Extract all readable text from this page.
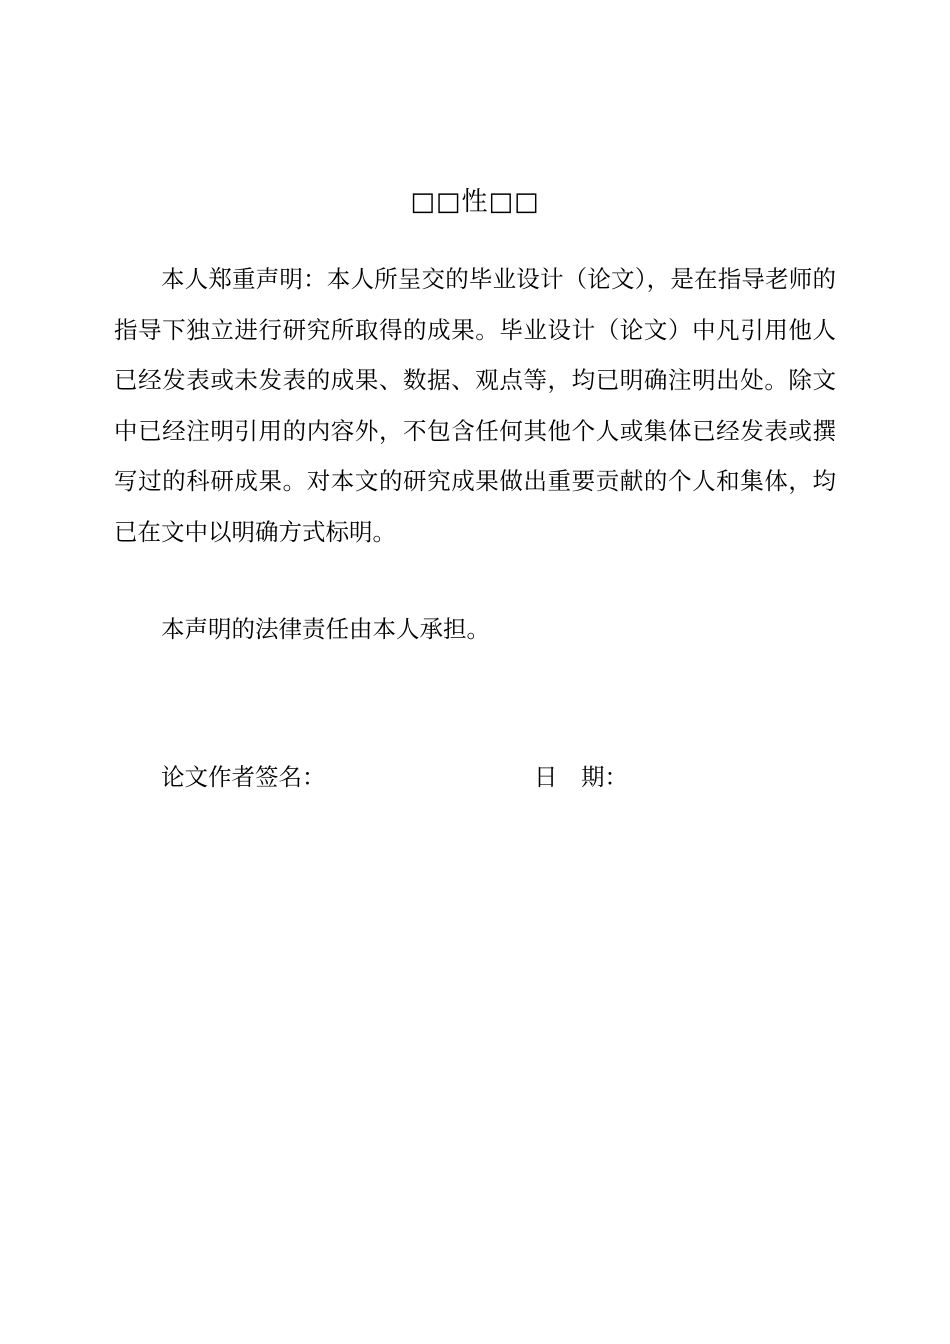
□□性□□

本人郑重声明：本人所呈交的毕业设计（论文），是在指导老师的指导下独立进行研究所取得的成果。毕业设计（论文）中凡引用他人已经发表或未发表的成果、数据、观点等，均已明确注明出处。除文中已经注明引用的内容外，不包含任何其他个人或集体已经发表或撰写过的科研成果。对本文的研究成果做出重要贡献的个人和集体，均已在文中以明确方式标明。

本声明的法律责任由本人承担。

论文作者签名：	日　期：
